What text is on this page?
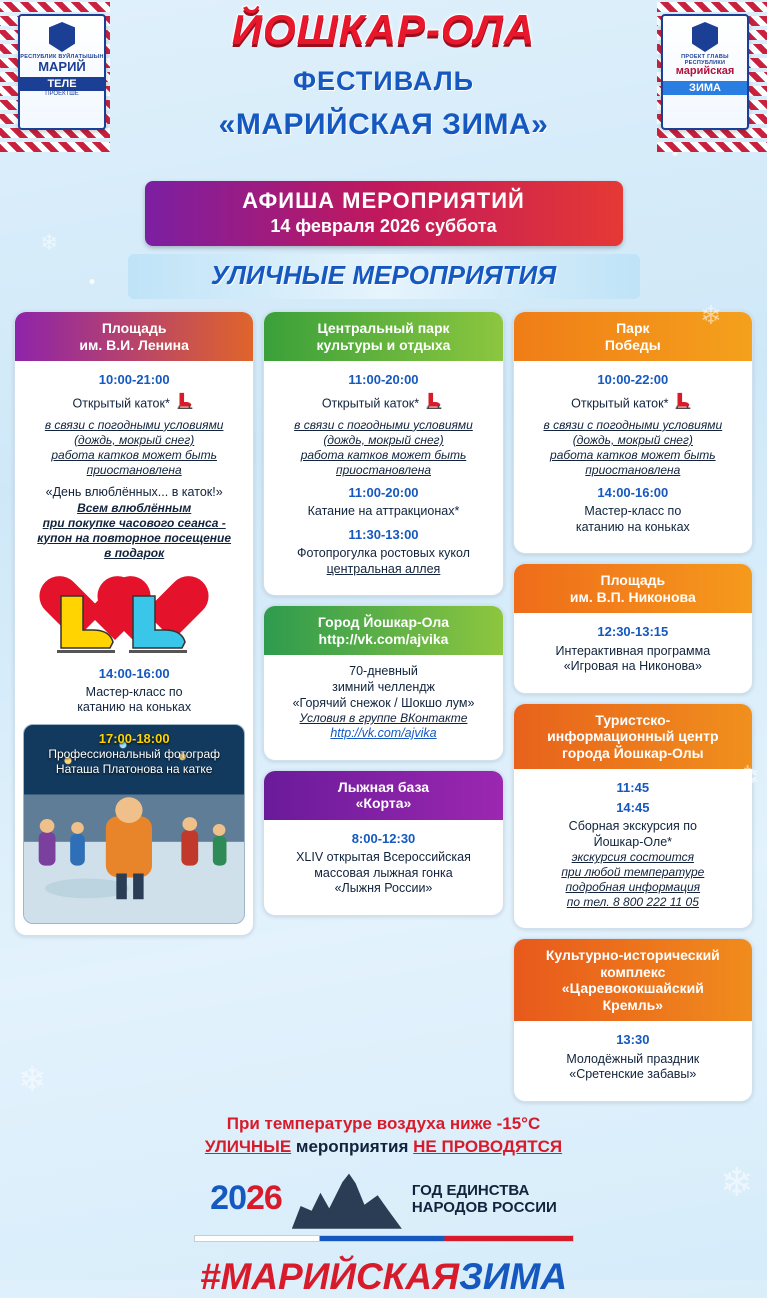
❄
❄
❄
❄
❄
❄
РЕСПУБЛИК ВУЙЛАТЫШЫН
МАРИЙ
ТЕЛЕ
ПРОЕКТШЕ
ПРОЕКТ ГЛАВЫ РЕСПУБЛИКИ
марийская
ЗИМА
ЙОШКАР-ОЛА
ФЕСТИВАЛЬ
«МАРИЙСКАЯ ЗИМА»
АФИША МЕРОПРИЯТИЙ
14 февраля 2026 суббота
УЛИЧНЫЕ МЕРОПРИЯТИЯ
Площадь
им. В.И. Ленина
10:00-21:00
Открытый каток*
в связи с погодными условиями
(дождь, мокрый снег)
работа катков может быть
приостановлена
«День влюблённых... в каток!»
Всем влюблённым
при покупке часового сеанса -
купон на повторное посещение
в подарок
14:00-16:00
Мастер-класс по
катанию на коньках
17:00-18:00
Профессиональный фотограф
Наташа Платонова на катке
Центральный парк
культуры и отдыха
11:00-20:00
Открытый каток*
в связи с погодными условиями
(дождь, мокрый снег)
работа катков может быть
приостановлена
11:00-20:00
Катание на аттракционах*
11:30-13:00
Фотопрогулка ростовых кукол
центральная аллея
Город Йошкар-Ола
http://vk.com/ajvika
70-дневный
зимний челлендж
«Горячий снежок / Шокшо лум»
Условия в группе ВКонтакте
http://vk.com/ajvika
Лыжная база
«Корта»
8:00-12:30
XLIV открытая Всероссийская
массовая лыжная гонка
«Лыжня России»
Парк
Победы
10:00-22:00
Открытый каток*
в связи с погодными условиями
(дождь, мокрый снег)
работа катков может быть
приостановлена
14:00-16:00
Мастер-класс по
катанию на коньках
Площадь
им. В.П. Никонова
12:30-13:15
Интерактивная программа
«Игровая на Никонова»
Туристско-
информационный центр
города Йошкар-Олы
11:45
14:45
Сборная экскурсия по
Йошкар-Оле*
экскурсия состоится
при любой температуре
подробная информация
по тел. 8 800 222 11 05
Культурно-исторический
комплекс
«Царевококшайский
Кремль»
13:30
Молодёжный праздник
«Сретенские забавы»
При температуре воздуха ниже -15°C
УЛИЧНЫЕ мероприятия НЕ ПРОВОДЯТСЯ
2026	ГОД ЕДИНСТВА
НАРОДОВ РОССИИ
#МАРИЙСКАЯЗИМА
